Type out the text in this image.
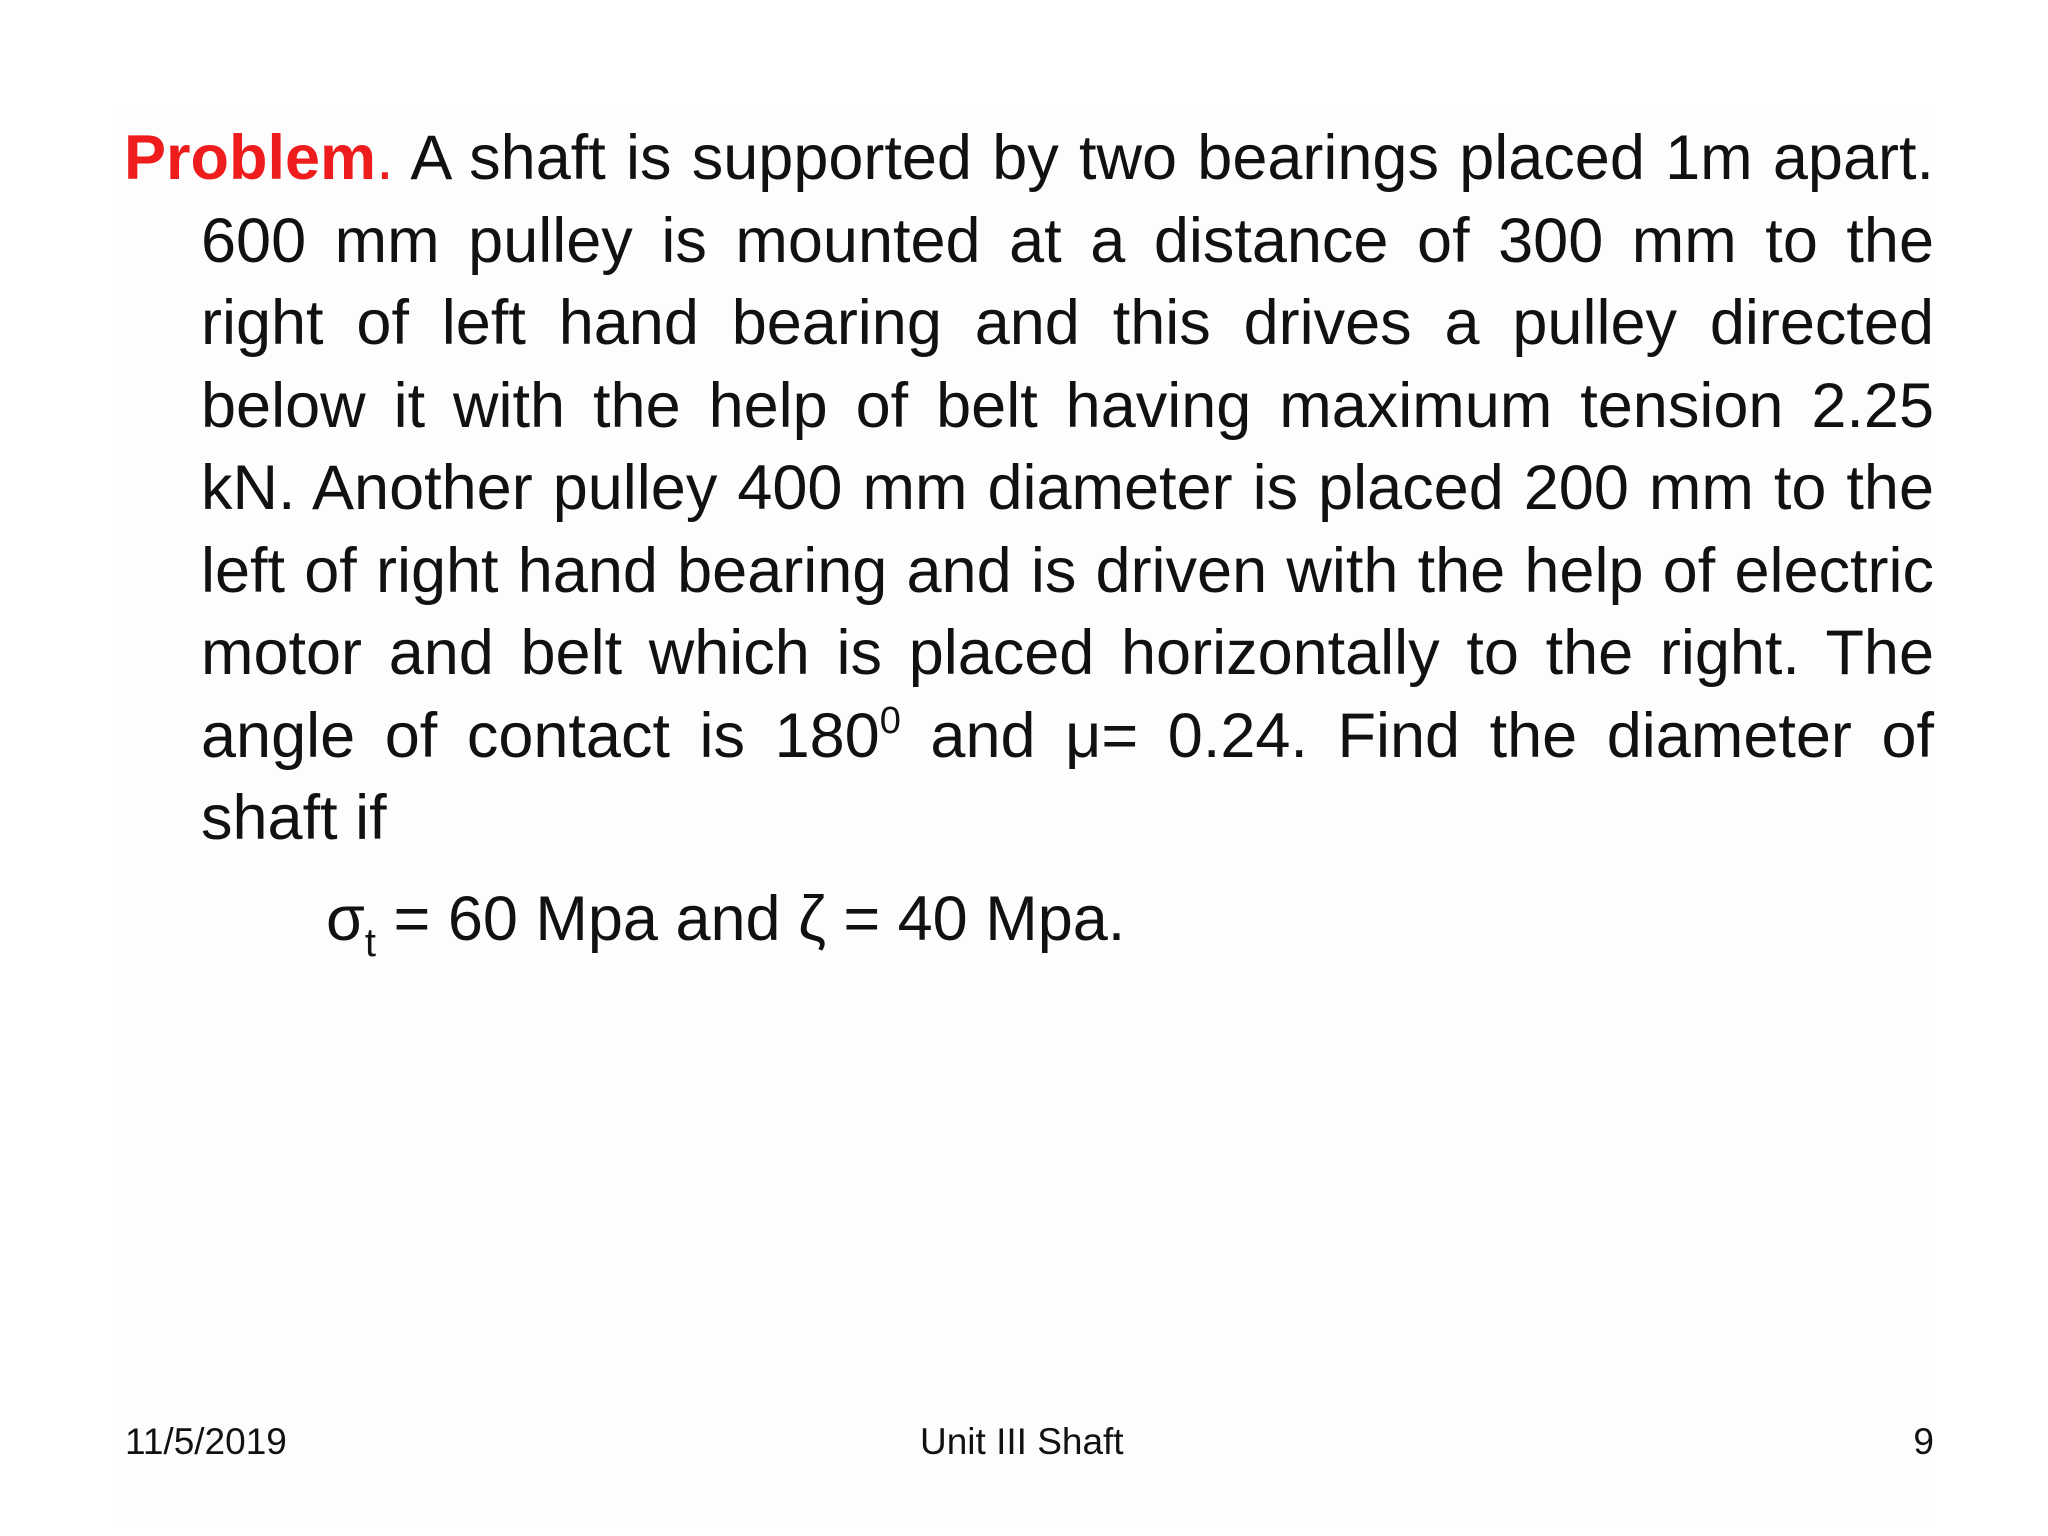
Problem. A shaft is supported by two bearings placed 1m apart. 600 mm pulley is mounted at a distance of 300 mm to the right of left hand bearing and this drives a pulley directed below it with the help of belt having maximum tension 2.25 kN. Another pulley 400 mm diameter is placed 200 mm to the left of right hand bearing and is driven with the help of electric motor and belt which is placed horizontally to the right. The angle of contact is $180^0$ and μ= 0.24. Find the diameter of shaft if

$\sigma_t = 60$ Mpa and ζ = 40 Mpa.

11/5/2019	Unit III Shaft	9
